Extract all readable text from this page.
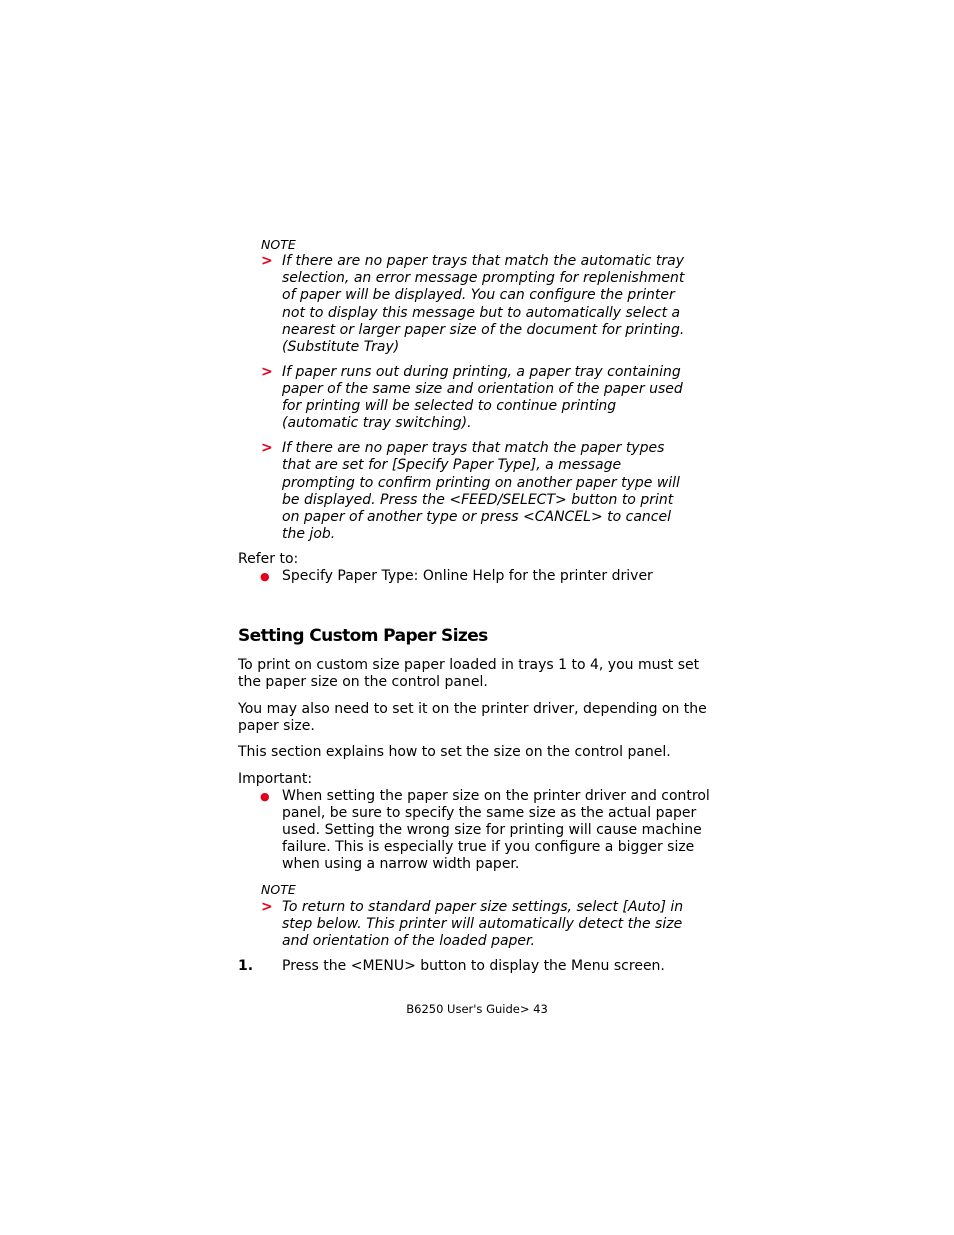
NOTE
> If there are no paper trays that match the automatic tray
selection, an error message prompting for replenishment
of paper will be displayed. You can configure the printer
not to display this message but to automatically select a
nearest or larger paper size of the document for printing.
(Substitute Tray)
> If paper runs out during printing, a paper tray containing
paper of the same size and orientation of the paper used
for printing will be selected to continue printing
(automatic tray switching).
> If there are no paper trays that match the paper types
that are set for [Specify Paper Type], a message
prompting to confirm printing on another paper type will
be displayed. Press the <FEED/SELECT> button to print
on paper of another type or press <CANCEL> to cancel
the job.
Refer to:
● Specify Paper Type: Online Help for the printer driver
Setting Custom Paper Sizes
To print on custom size paper loaded in trays 1 to 4, you must set
the paper size on the control panel.
You may also need to set it on the printer driver, depending on the
paper size.
This section explains how to set the size on the control panel.
Important:
● When setting the paper size on the printer driver and control
panel, be sure to specify the same size as the actual paper
used. Setting the wrong size for printing will cause machine
failure. This is especially true if you configure a bigger size
when using a narrow width paper.
NOTE
> To return to standard paper size settings, select [Auto] in
step below. This printer will automatically detect the size
and orientation of the loaded paper.
1. Press the <MENU> button to display the Menu screen.
B6250 User's Guide> 43
